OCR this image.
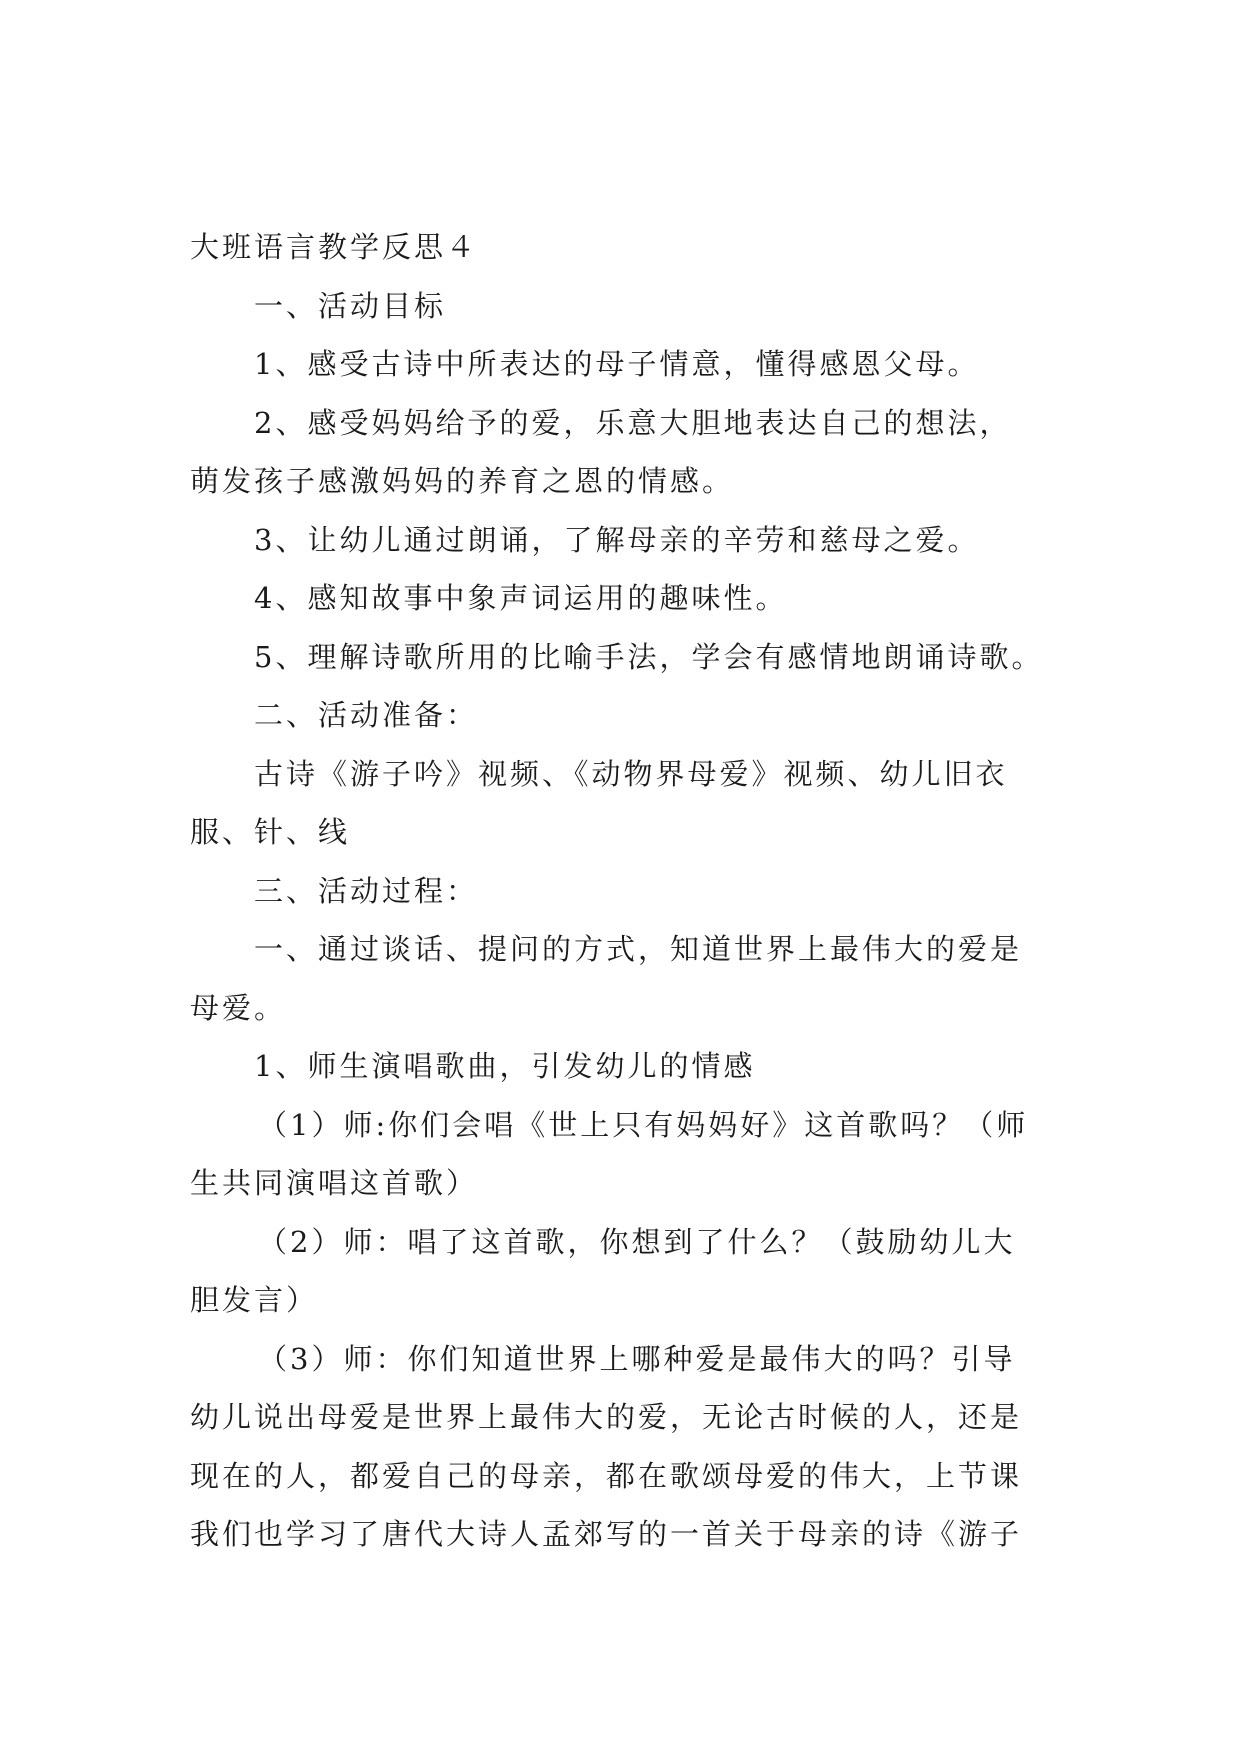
大班语言教学反思４
一、活动目标
1、感受古诗中所表达的母子情意，懂得感恩父母。
2、感受妈妈给予的爱，乐意大胆地表达自己的想法，
萌发孩子感激妈妈的养育之恩的情感。
3、让幼儿通过朗诵，了解母亲的辛劳和慈母之爱。
4、感知故事中象声词运用的趣味性。
5、理解诗歌所用的比喻手法，学会有感情地朗诵诗歌。
二、活动准备：
古诗《游子吟》视频、《动物界母爱》视频、幼儿旧衣
服、针、线
三、活动过程：
一、通过谈话、提问的方式，知道世界上最伟大的爱是
母爱。
1、师生演唱歌曲，引发幼儿的情感
（1）师:你们会唱《世上只有妈妈好》这首歌吗？（师
生共同演唱这首歌）
（2）师：唱了这首歌，你想到了什么？（鼓励幼儿大
胆发言）
（3）师：你们知道世界上哪种爱是最伟大的吗？引导
幼儿说出母爱是世界上最伟大的爱，无论古时候的人，还是
现在的人，都爱自己的母亲，都在歌颂母爱的伟大，上节课
我们也学习了唐代大诗人孟郊写的一首关于母亲的诗《游子
